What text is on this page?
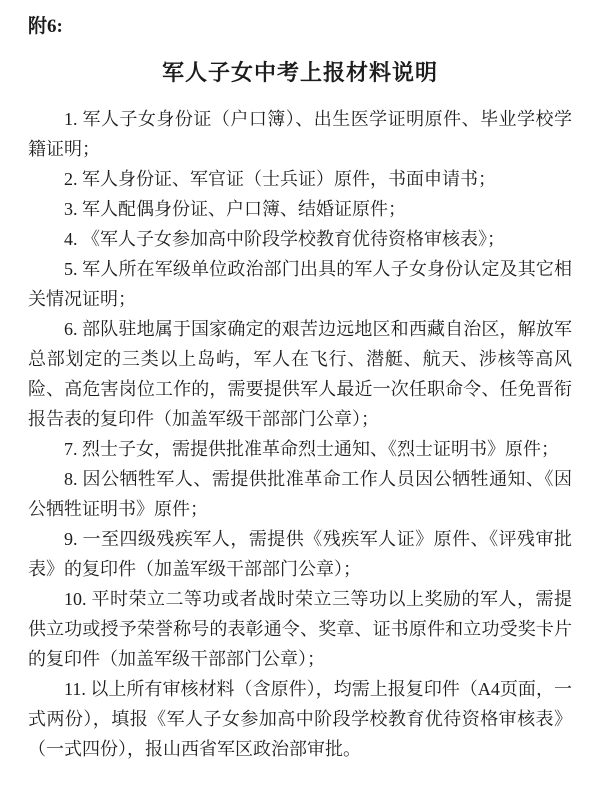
附6:
军人子女中考上报材料说明

1. 军人子女身份证（户口簿）、出生医学证明原件、毕业学校学籍证明；

2. 军人身份证、军官证（士兵证）原件，书面申请书；

3. 军人配偶身份证、户口簿、结婚证原件；

4. 《军人子女参加高中阶段学校教育优待资格审核表》；

5. 军人所在军级单位政治部门出具的军人子女身份认定及其它相关情况证明；

6. 部队驻地属于国家确定的艰苦边远地区和西藏自治区，解放军总部划定的三类以上岛屿，军人在飞行、潜艇、航天、涉核等高风险、高危害岗位工作的，需要提供军人最近一次任职命令、任免晋衔报告表的复印件（加盖军级干部部门公章）；

7. 烈士子女，需提供批准革命烈士通知、《烈士证明书》原件；

8. 因公牺牲军人、需提供批准革命工作人员因公牺牲通知、《因公牺牲证明书》原件；

9. 一至四级残疾军人，需提供《残疾军人证》原件、《评残审批表》的复印件（加盖军级干部部门公章）；

10. 平时荣立二等功或者战时荣立三等功以上奖励的军人，需提供立功或授予荣誉称号的表彰通令、奖章、证书原件和立功受奖卡片的复印件（加盖军级干部部门公章）；

11. 以上所有审核材料（含原件），均需上报复印件（A4页面，一式两份），填报《军人子女参加高中阶段学校教育优待资格审核表》（一式四份），报山西省军区政治部审批。
